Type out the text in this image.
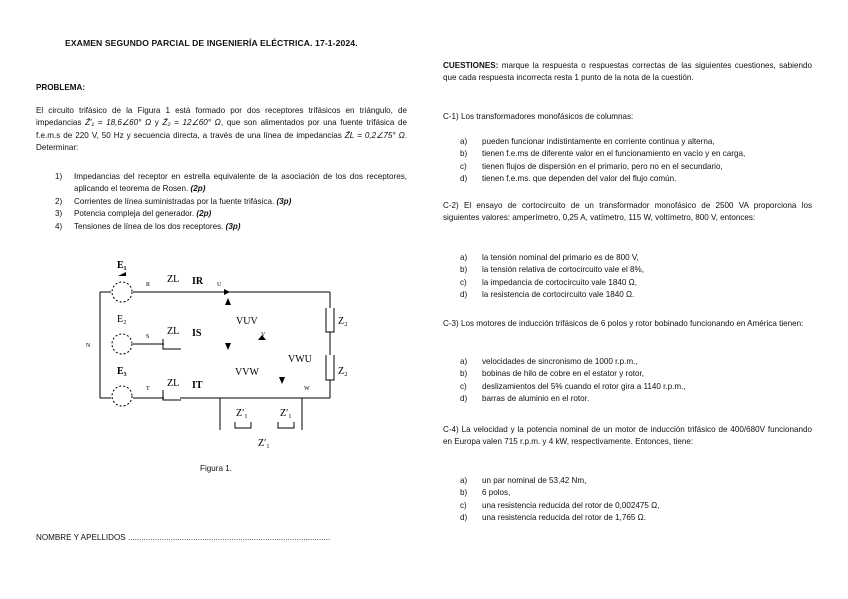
EXAMEN SEGUNDO PARCIAL DE INGENIERÍA ELÉCTRICA. 17-1-2024.
PROBLEMA:
El circuito trifásico de la Figura 1 está formado por dos receptores trifásicos en triángulo, de impedancias Z̄′₁ = 18,6∠60° Ω y Z̄₂ = 12∠60° Ω, que son alimentados por una fuente trifásica de f.e.m.s de 220 V, 50 Hz y secuencia directa, a través de una línea de impedancias Z̄L = 0,2∠75° Ω. Determinar:
1)	Impedancias del receptor en estrella equivalente de la asociación de los dos receptores, aplicando el teorema de Rosen. (2p)
2)	Corrientes de línea suministradas por la fuente trifásica. (3p)
3)	Potencia compleja del generador. (2p)
4)	Tensiones de línea de los dos receptores. (3p)
E₁
E₂
E₃
ZL
ZL
ZL
IR
IS
IT
R
S
T
N
U
V
W
VUV
VVW
VWU
Z₂
Z₂
Z′₁	Z′₁
Z′₁
Figura 1.
NOMBRE Y APELLIDOS ..........................................................................................
CUESTIONES: marque la respuesta o respuestas correctas de las siguientes cuestiones, sabiendo que cada respuesta incorrecta resta 1 punto de la nota de la cuestión.
C-1) Los transformadores monofásicos de columnas:
a)	pueden funcionar indistintamente en corriente continua y alterna,
b)	tienen f.e.ms de diferente valor en el funcionamiento en vacío y en carga,
c)	tienen flujos de dispersión en el primario, pero no en el secundario,
d)	tienen f.e.ms. que dependen del valor del flujo común.
C-2) El ensayo de cortocircuito de un transformador monofásico de 2500 VA proporciona los siguientes valores: amperímetro, 0,25 A, vatímetro, 115 W, voltímetro, 800 V, entonces:
a)	la tensión nominal del primario es de 800 V,
b)	la tensión relativa de cortocircuito vale el 8%,
c)	la impedancia de cortocircuito vale 1840 Ω,
d)	la resistencia de cortocircuito vale 1840 Ω.
C-3) Los motores de inducción trifásicos de 6 polos y rotor bobinado funcionando en América tienen:
a)	velocidades de sincronismo de 1000 r.p.m.,
b)	bobinas de hilo de cobre en el estator y rotor,
c)	deslizamientos del 5% cuando el rotor gira a 1140 r.p.m.,
d)	barras de aluminio en el rotor.
C-4) La velocidad y la potencia nominal de un motor de inducción trifásico de 400/680V funcionando en Europa valen 715 r.p.m. y 4 kW, respectivamente. Entonces, tiene:
a)	un par nominal de 53,42 Nm,
b)	6 polos,
c)	una resistencia reducida del rotor de 0,002475 Ω,
d)	una resistencia reducida del rotor de 1,765 Ω.
